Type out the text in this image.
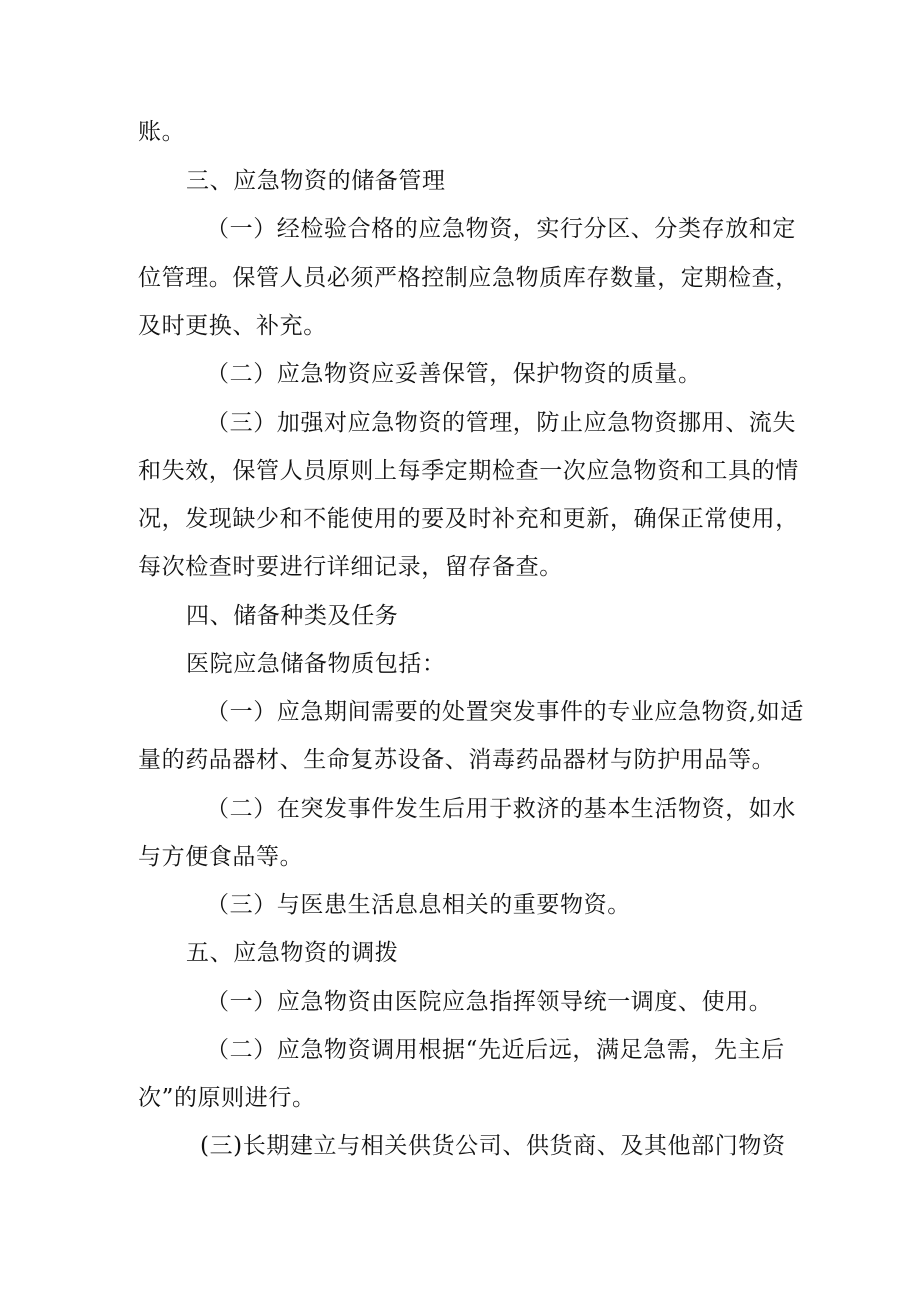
账。
三、应急物资的储备管理
（一）经检验合格的应急物资，实行分区、分类存放和定
位管理。保管人员必须严格控制应急物质库存数量，定期检查，
及时更换、补充。
（二）应急物资应妥善保管，保护物资的质量。
（三）加强对应急物资的管理，防止应急物资挪用、流失
和失效，保管人员原则上每季定期检查一次应急物资和工具的情
况，发现缺少和不能使用的要及时补充和更新，确保正常使用，
每次检查时要进行详细记录，留存备查。
四、储备种类及任务
医院应急储备物质包括：
（一）应急期间需要的处置突发事件的专业应急物资,如适
量的药品器材、生命复苏设备、消毒药品器材与防护用品等。
（二）在突发事件发生后用于救济的基本生活物资，如水
与方便食品等。
（三）与医患生活息息相关的重要物资。
五、应急物资的调拨
（一）应急物资由医院应急指挥领导统一调度、使用。
（二）应急物资调用根据“先近后远，满足急需，先主后
次”的原则进行。
(三)长期建立与相关供货公司、供货商、及其他部门物资
